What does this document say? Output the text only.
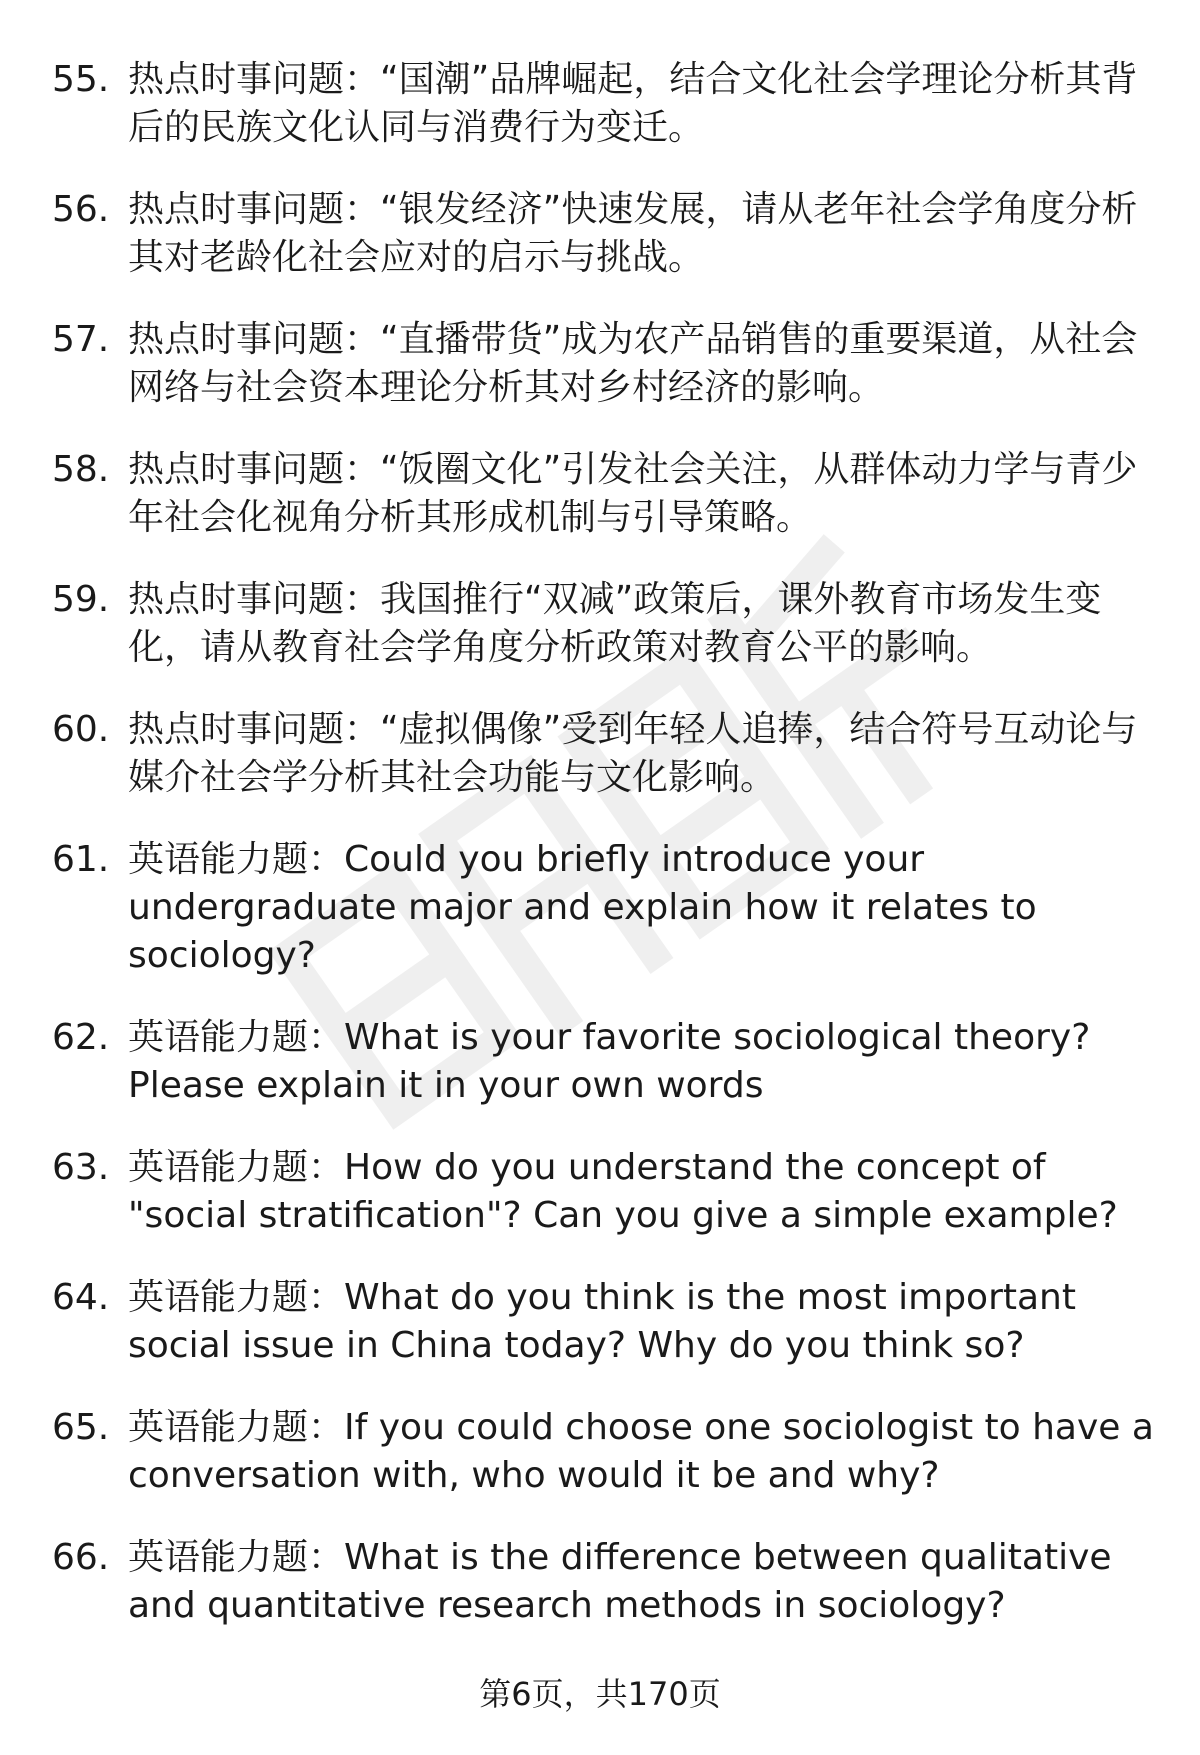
55. 热点时事问题：“国潮”品牌崛起，结合文化社会学理论分析其背后的民族文化认同与消费行为变迁。
56. 热点时事问题：“银发经济”快速发展，请从老年社会学角度分析其对老龄化社会应对的启示与挑战。
57. 热点时事问题：“直播带货”成为农产品销售的重要渠道，从社会网络与社会资本理论分析其对乡村经济的影响。
58. 热点时事问题：“饭圈文化”引发社会关注，从群体动力学与青少年社会化视角分析其形成机制与引导策略。
59. 热点时事问题：我国推行“双减”政策后，课外教育市场发生变化，请从教育社会学角度分析政策对教育公平的影响。
60. 热点时事问题：“虚拟偶像”受到年轻人追捧，结合符号互动论与媒介社会学分析其社会功能与文化影响。
61. 英语能力题：Could you briefly introduce your undergraduate major and explain how it relates to sociology?
62. 英语能力题：What is your favorite sociological theory? Please explain it in your own words
63. 英语能力题：How do you understand the concept of "social stratification"? Can you give a simple example?
64. 英语能力题：What do you think is the most important social issue in China today? Why do you think so?
65. 英语能力题：If you could choose one sociologist to have a conversation with, who would it be and why?
66. 英语能力题：What is the difference between qualitative and quantitative research methods in sociology?
第6页，共170页
